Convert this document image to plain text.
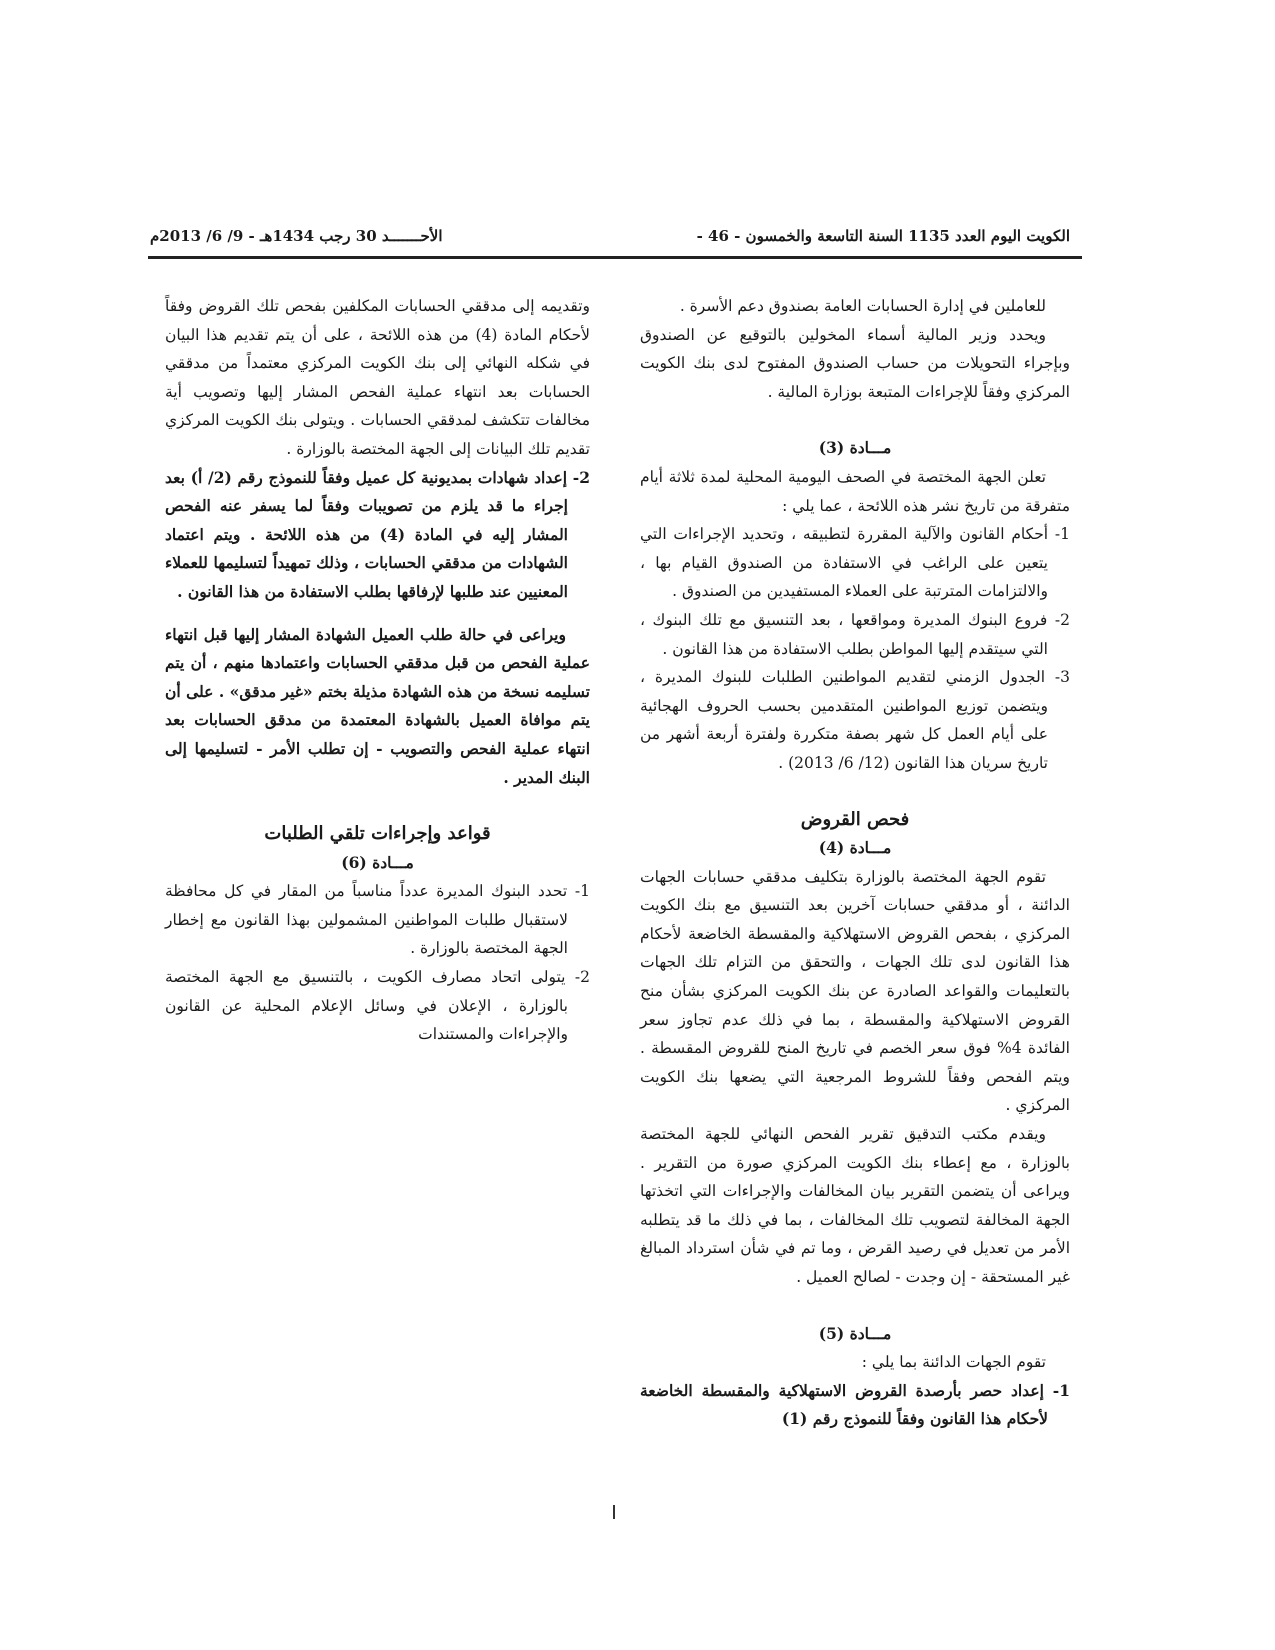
الكويت اليوم العدد 1135 السنة التاسعة والخمسون - 46 -
الأحـــــــد 30 رجب 1434هـ - 9/ 6/ 2013م

للعاملين في إدارة الحسابات العامة بصندوق دعم الأسرة .

ويحدد وزير المالية أسماء المخولين بالتوقيع عن الصندوق وبإجراء التحويلات من حساب الصندوق المفتوح لدى بنك الكويت المركزي وفقاً للإجراءات المتبعة بوزارة المالية .

مـــادة (3)

تعلن الجهة المختصة في الصحف اليومية المحلية لمدة ثلاثة أيام متفرقة من تاريخ نشر هذه اللائحة ، عما يلي :

1- أحكام القانون والآلية المقررة لتطبيقه ، وتحديد الإجراءات التي يتعين على الراغب في الاستفادة من الصندوق القيام بها ، والالتزامات المترتبة على العملاء المستفيدين من الصندوق .

2- فروع البنوك المديرة ومواقعها ، بعد التنسيق مع تلك البنوك ، التي سيتقدم إليها المواطن بطلب الاستفادة من هذا القانون .

3- الجدول الزمني لتقديم المواطنين الطلبات للبنوك المديرة ، ويتضمن توزيع المواطنين المتقدمين بحسب الحروف الهجائية على أيام العمل كل شهر بصفة متكررة ولفترة أربعة أشهر من تاريخ سريان هذا القانون (12/ 6/ 2013) .

فحص القروض

مـــادة (4)

تقوم الجهة المختصة بالوزارة بتكليف مدققي حسابات الجهات الدائنة ، أو مدققي حسابات آخرين بعد التنسيق مع بنك الكويت المركزي ، بفحص القروض الاستهلاكية والمقسطة الخاضعة لأحكام هذا القانون لدى تلك الجهات ، والتحقق من التزام تلك الجهات بالتعليمات والقواعد الصادرة عن بنك الكويت المركزي بشأن منح القروض الاستهلاكية والمقسطة ، بما في ذلك عدم تجاوز سعر الفائدة 4% فوق سعر الخصم في تاريخ المنح للقروض المقسطة . ويتم الفحص وفقاً للشروط المرجعية التي يضعها بنك الكويت المركزي .

ويقدم مكتب التدقيق تقرير الفحص النهائي للجهة المختصة بالوزارة ، مع إعطاء بنك الكويت المركزي صورة من التقرير . ويراعى أن يتضمن التقرير بيان المخالفات والإجراءات التي اتخذتها الجهة المخالفة لتصويب تلك المخالفات ، بما في ذلك ما قد يتطلبه الأمر من تعديل في رصيد القرض ، وما تم في شأن استرداد المبالغ غير المستحقة - إن وجدت - لصالح العميل .

مـــادة (5)

تقوم الجهات الدائنة بما يلي :

1- إعداد حصر بأرصدة القروض الاستهلاكية والمقسطة الخاضعة لأحكام هذا القانون وفقاً للنموذج رقم (1)

وتقديمه إلى مدققي الحسابات المكلفين بفحص تلك القروض وفقاً لأحكام المادة (4) من هذه اللائحة ، على أن يتم تقديم هذا البيان في شكله النهائي إلى بنك الكويت المركزي معتمداً من مدققي الحسابات بعد انتهاء عملية الفحص المشار إليها وتصويب أية مخالفات تتكشف لمدققي الحسابات . ويتولى بنك الكويت المركزي تقديم تلك البيانات إلى الجهة المختصة بالوزارة .

2- إعداد شهادات بمديونية كل عميل وفقاً للنموذج رقم (2/ أ) بعد إجراء ما قد يلزم من تصويبات وفقاً لما يسفر عنه الفحص المشار إليه في المادة (4) من هذه اللائحة . ويتم اعتماد الشهادات من مدققي الحسابات ، وذلك تمهيداً لتسليمها للعملاء المعنيين عند طلبها لإرفاقها بطلب الاستفادة من هذا القانون .

ويراعى في حالة طلب العميل الشهادة المشار إليها قبل انتهاء عملية الفحص من قبل مدققي الحسابات واعتمادها منهم ، أن يتم تسليمه نسخة من هذه الشهادة مذيلة بختم «غير مدقق» . على أن يتم موافاة العميل بالشهادة المعتمدة من مدقق الحسابات بعد انتهاء عملية الفحص والتصويب - إن تطلب الأمر - لتسليمها إلى البنك المدير .

قواعد وإجراءات تلقي الطلبات

مـــادة (6)

1- تحدد البنوك المديرة عدداً مناسباً من المقار في كل محافظة لاستقبال طلبات المواطنين المشمولين بهذا القانون مع إخطار الجهة المختصة بالوزارة .

2- يتولى اتحاد مصارف الكويت ، بالتنسيق مع الجهة المختصة بالوزارة ، الإعلان في وسائل الإعلام المحلية عن القانون والإجراءات والمستندات
